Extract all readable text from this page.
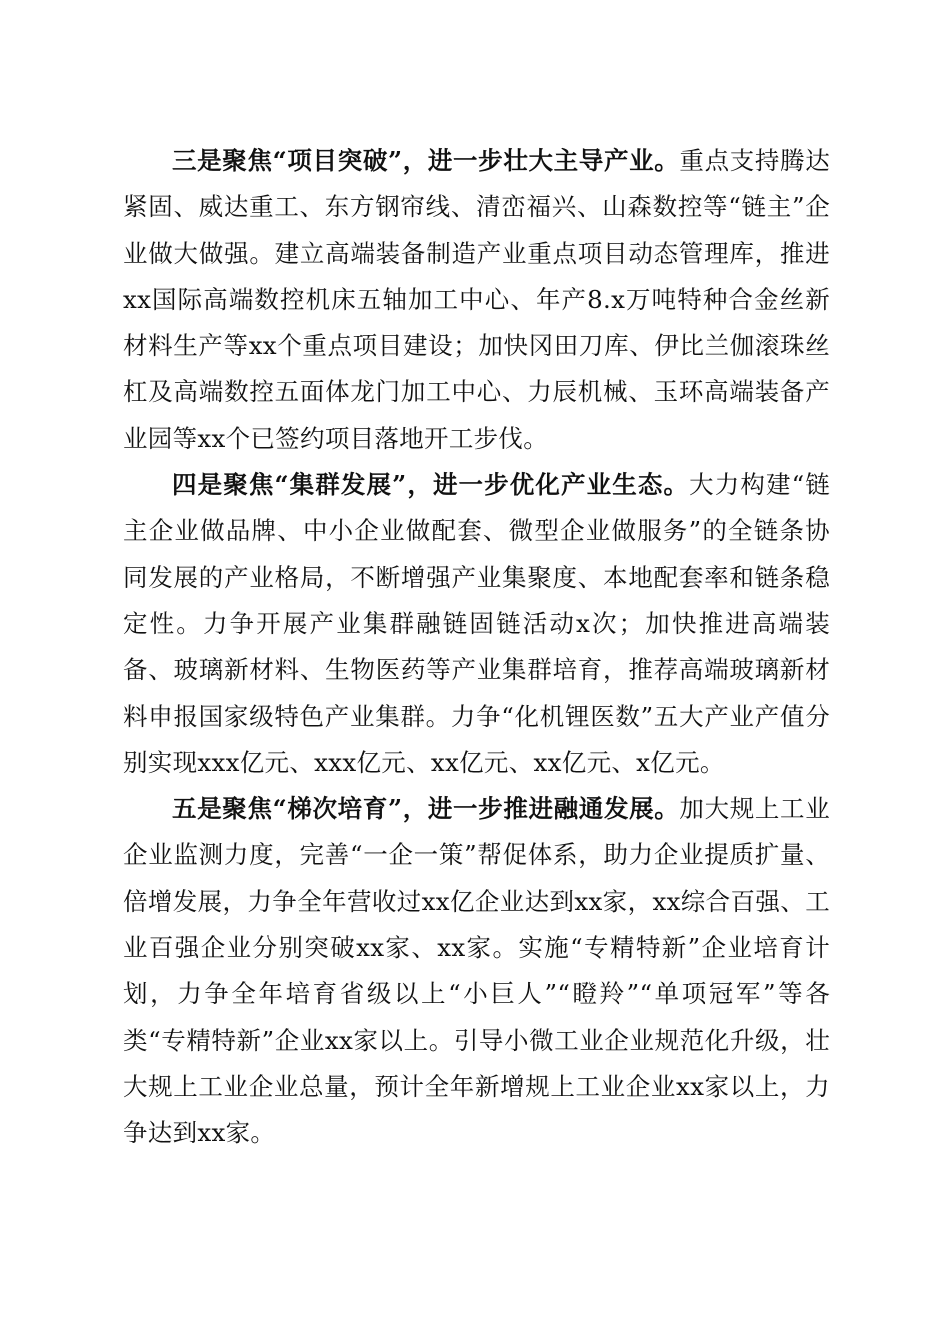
三是聚焦“项目突破”，进一步壮大主导产业。重点支持腾达紧固、威达重工、东方钢帘线、清峦福兴、山森数控等“链主”企业做大做强。建立高端装备制造产业重点项目动态管理库，推进xx国际高端数控机床五轴加工中心、年产8.x万吨特种合金丝新材料生产等xx个重点项目建设；加快冈田刀库、伊比兰伽滚珠丝杠及高端数控五面体龙门加工中心、力辰机械、玉环高端装备产业园等xx个已签约项目落地开工步伐。

四是聚焦“集群发展”，进一步优化产业生态。大力构建“链主企业做品牌、中小企业做配套、微型企业做服务”的全链条协同发展的产业格局，不断增强产业集聚度、本地配套率和链条稳定性。力争开展产业集群融链固链活动x次；加快推进高端装备、玻璃新材料、生物医药等产业集群培育，推荐高端玻璃新材料申报国家级特色产业集群。力争“化机锂医数”五大产业产值分别实现xxx亿元、xxx亿元、xx亿元、xx亿元、x亿元。

五是聚焦“梯次培育”，进一步推进融通发展。加大规上工业企业监测力度，完善“一企一策”帮促体系，助力企业提质扩量、倍增发展，力争全年营收过xx亿企业达到xx家，xx综合百强、工业百强企业分别突破xx家、xx家。实施“专精特新”企业培育计划，力争全年培育省级以上“小巨人”“瞪羚”“单项冠军”等各类“专精特新”企业xx家以上。引导小微工业企业规范化升级，壮大规上工业企业总量，预计全年新增规上工业企业xx家以上，力争达到xx家。
